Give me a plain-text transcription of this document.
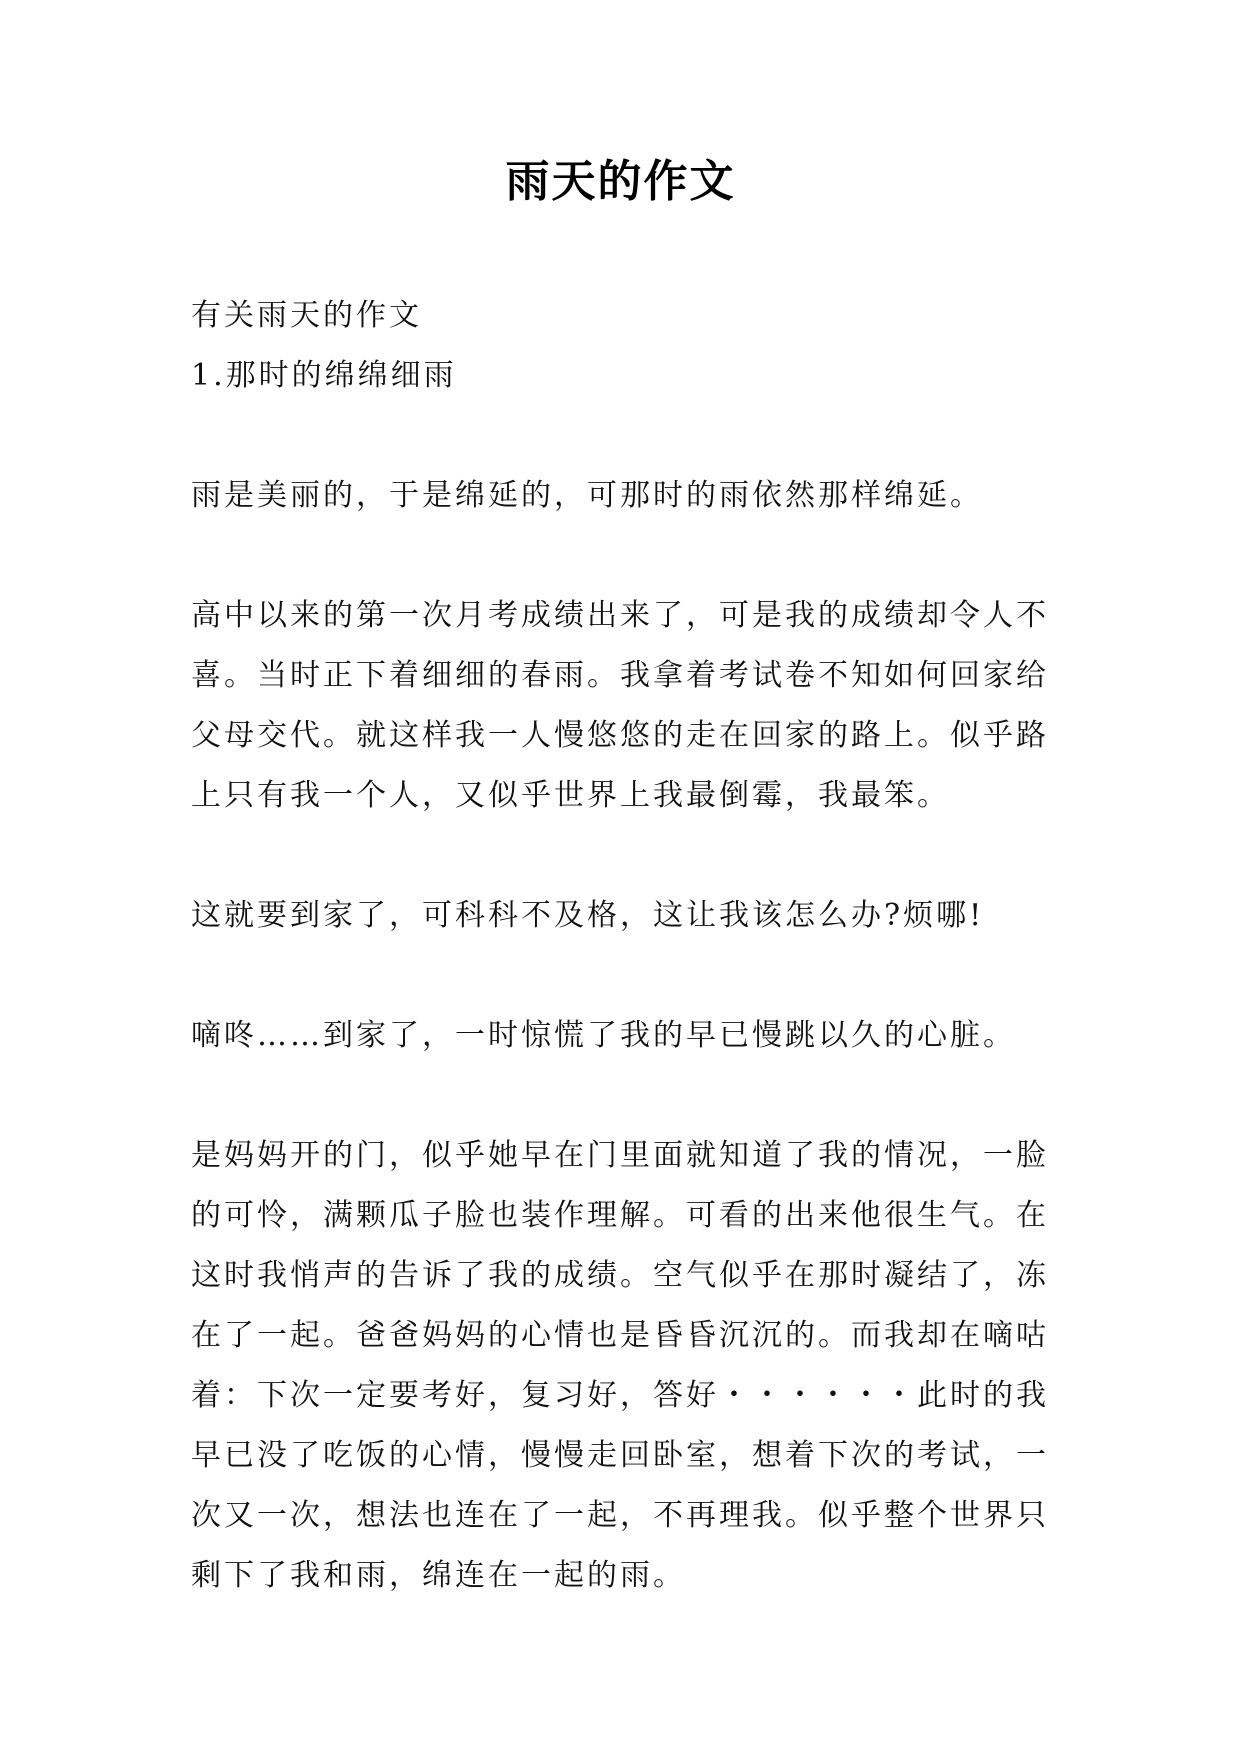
雨天的作文
有关雨天的作文
1.那时的绵绵细雨
雨是美丽的，于是绵延的，可那时的雨依然那样绵延。
高中以来的第一次月考成绩出来了，可是我的成绩却令人不
喜。当时正下着细细的春雨。我拿着考试卷不知如何回家给
父母交代。就这样我一人慢悠悠的走在回家的路上。似乎路
上只有我一个人，又似乎世界上我最倒霉，我最笨。
这就要到家了，可科科不及格，这让我该怎么办?烦哪!
嘀咚……到家了，一时惊慌了我的早已慢跳以久的心脏。
是妈妈开的门，似乎她早在门里面就知道了我的情况，一脸
的可怜，满颗瓜子脸也装作理解。可看的出来他很生气。在
这时我悄声的告诉了我的成绩。空气似乎在那时凝结了，冻
在了一起。爸爸妈妈的心情也是昏昏沉沉的。而我却在嘀咕
着：下次一定要考好，复习好，答好・・・・・・此时的我
早已没了吃饭的心情，慢慢走回卧室，想着下次的考试，一
次又一次，想法也连在了一起，不再理我。似乎整个世界只
剩下了我和雨，绵连在一起的雨。
